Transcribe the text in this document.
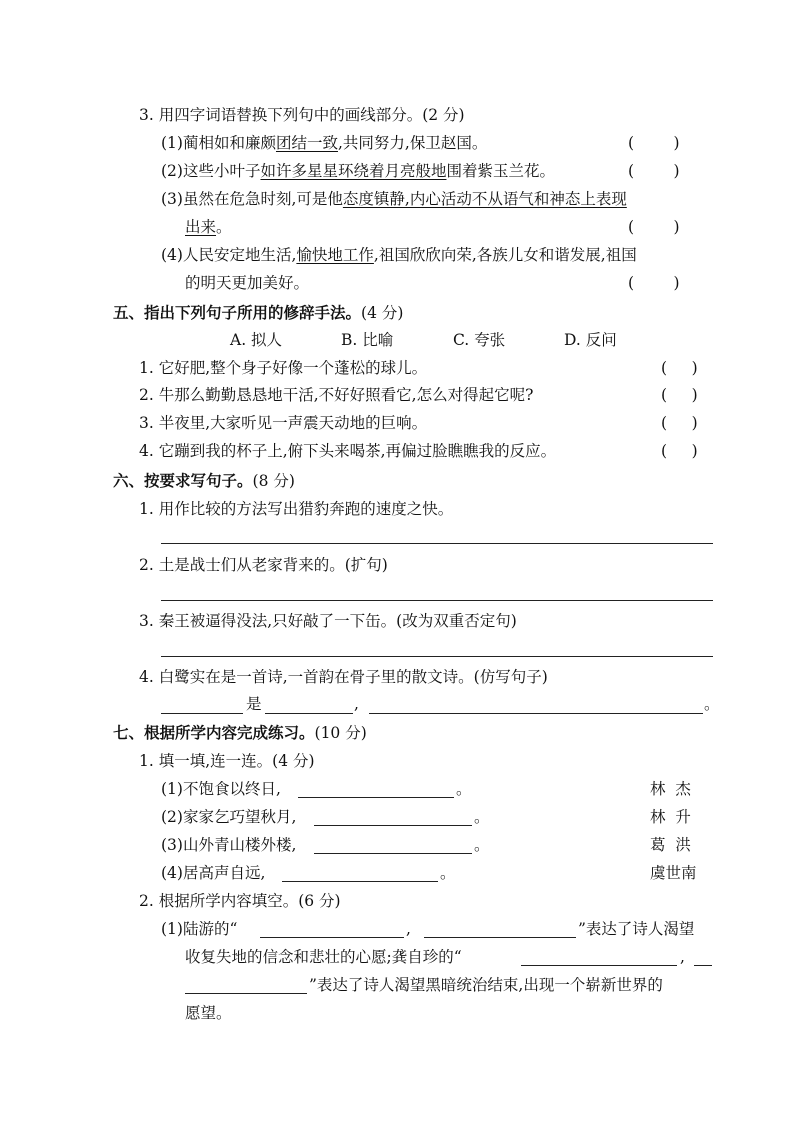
3. 用四字词语替换下列句中的画线部分。(2 分)
(1)蔺相如和廉颇团结一致,共同努力,保卫赵国。	(        )
(2)这些小叶子如许多星星环绕着月亮般地围着紫玉兰花。	(        )
(3)虽然在危急时刻,可是他态度镇静,内心活动不从语气和神态上表现
出来。	(        )
(4)人民安定地生活,愉快地工作,祖国欣欣向荣,各族儿女和谐发展,祖国
的明天更加美好。	(        )
五、指出下列句子所用的修辞手法。(4 分)
A. 拟人	B. 比喻	C. 夸张	D. 反问
1. 它好肥,整个身子好像一个蓬松的球儿。	(     )
2. 牛那么勤勤恳恳地干活,不好好照看它,怎么对得起它呢?	(     )
3. 半夜里,大家听见一声震天动地的巨响。	(     )
4. 它蹦到我的杯子上,俯下头来喝茶,再偏过脸瞧瞧我的反应。	(     )
六、按要求写句子。(8 分)
1. 用作比较的方法写出猎豹奔跑的速度之快。
2. 土是战士们从老家背来的。(扩句)
3. 秦王被逼得没法,只好敲了一下缶。(改为双重否定句)
4. 白鹭实在是一首诗,一首韵在骨子里的散文诗。(仿写句子)
是	,	。
七、根据所学内容完成练习。(10 分)
1. 填一填,连一连。(4 分)
(1)不饱食以终日,	。	林  杰
(2)家家乞巧望秋月,	。	林  升
(3)山外青山楼外楼,	。	葛  洪
(4)居高声自远,	。	虞世南
2. 根据所学内容填空。(6 分)
(1)陆游的“	,	”表达了诗人渴望
收复失地的信念和悲壮的心愿;龚自珍的“	,
”表达了诗人渴望黑暗统治结束,出现一个崭新世界的
愿望。
